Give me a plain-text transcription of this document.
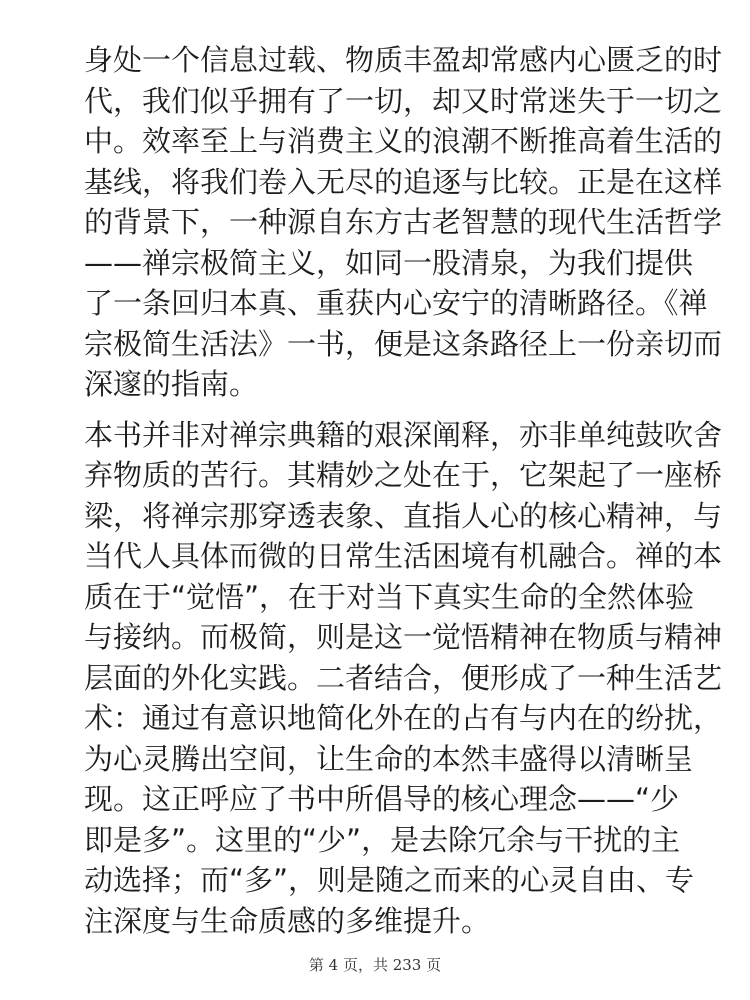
身处一个信息过载、物质丰盈却常感内心匮乏的时
代，我们似乎拥有了一切，却又时常迷失于一切之
中。效率至上与消费主义的浪潮不断推高着生活的
基线，将我们卷入无尽的追逐与比较。正是在这样
的背景下，一种源自东方古老智慧的现代生活哲学
——禅宗极简主义，如同一股清泉，为我们提供
了一条回归本真、重获内心安宁的清晰路径。《禅
宗极简生活法》一书，便是这条路径上一份亲切而
深邃的指南。

本书并非对禅宗典籍的艰深阐释，亦非单纯鼓吹舍
弃物质的苦行。其精妙之处在于，它架起了一座桥
梁，将禅宗那穿透表象、直指人心的核心精神，与
当代人具体而微的日常生活困境有机融合。禅的本
质在于“觉悟”，在于对当下真实生命的全然体验
与接纳。而极简，则是这一觉悟精神在物质与精神
层面的外化实践。二者结合，便形成了一种生活艺
术：通过有意识地简化外在的占有与内在的纷扰，
为心灵腾出空间，让生命的本然丰盛得以清晰呈
现。这正呼应了书中所倡导的核心理念——“少
即是多”。这里的“少”，是去除冗余与干扰的主
动选择；而“多”，则是随之而来的心灵自由、专
注深度与生命质感的多维提升。

第 4 页，共 233 页
